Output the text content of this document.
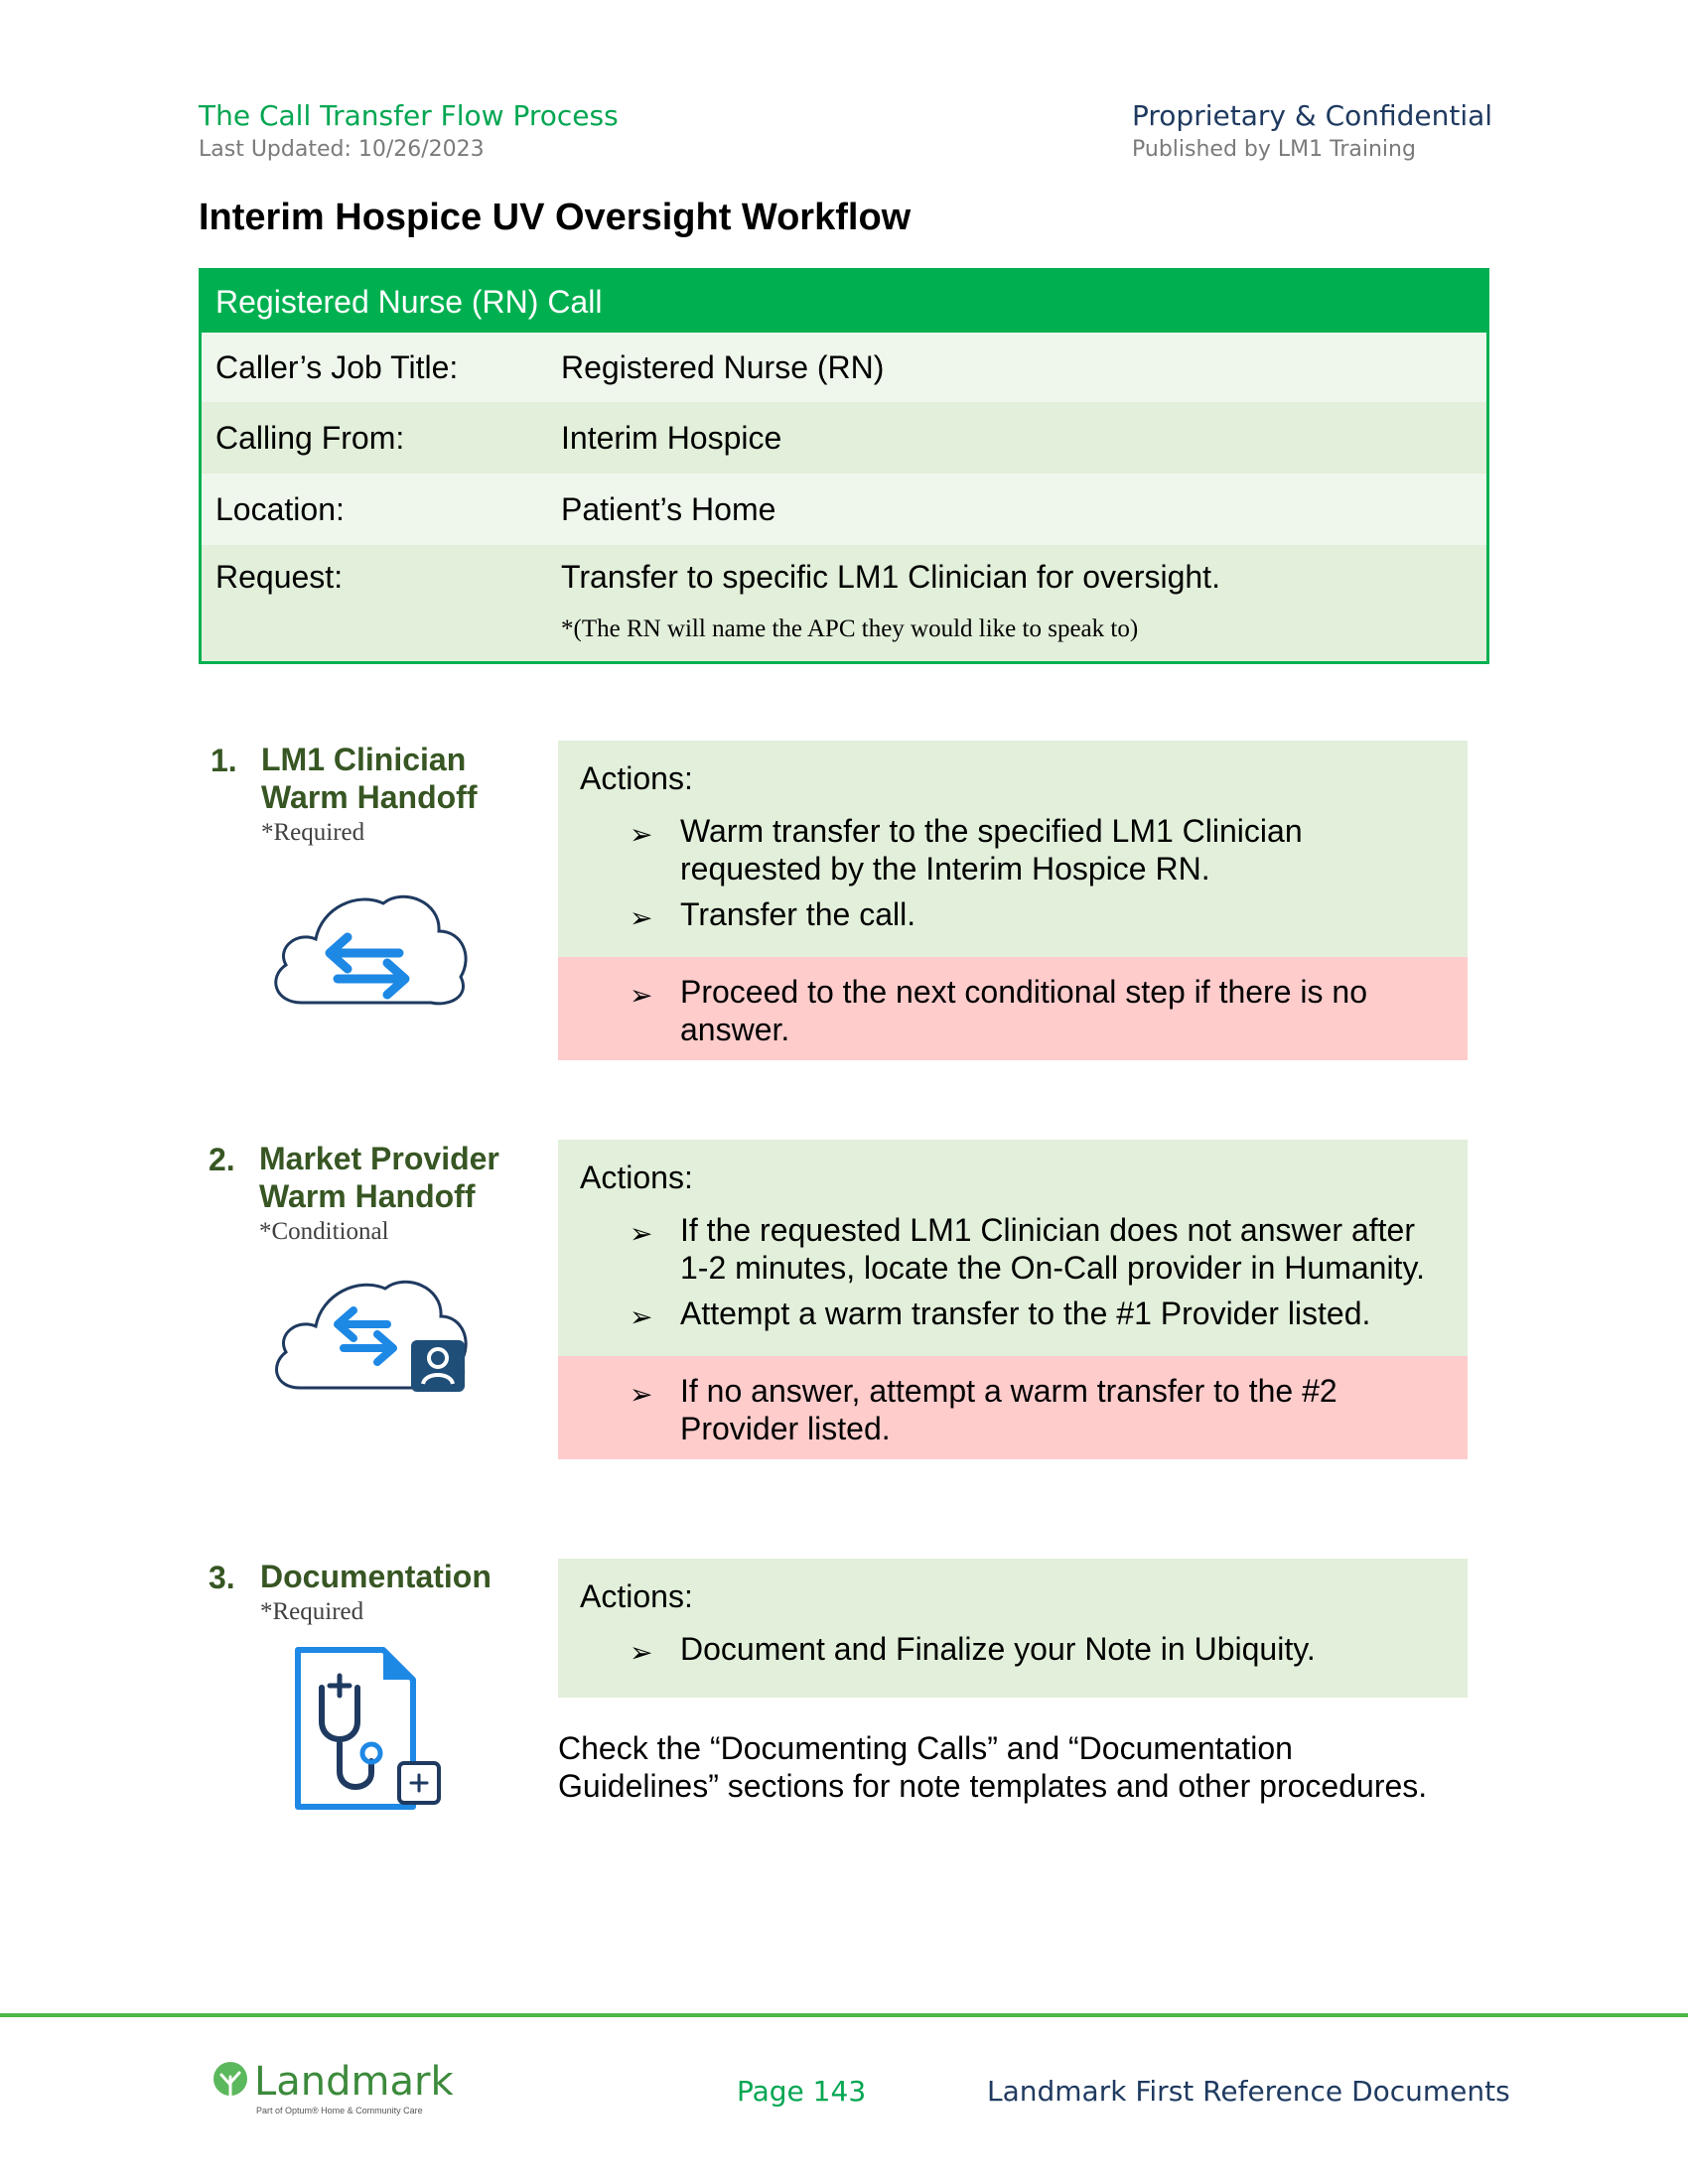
The Call Transfer Flow Process
Last Updated: 10/26/2023
Proprietary & Confidential
Published by LM1 Training
Interim Hospice UV Oversight Workflow
Registered Nurse (RN) Call
Caller’s Job Title:	Registered Nurse (RN)
Calling From:	Interim Hospice
Location:	Patient’s Home
Request:	Transfer to specific LM1 Clinician for oversight.
*(The RN will name the APC they would like to speak to)
1. LM1 Clinician
Warm Handoff
*Required
Actions:
➢ Warm transfer to the specified LM1 Clinician
requested by the Interim Hospice RN.
➢ Transfer the call.
➢ Proceed to the next conditional step if there is no
answer.
2. Market Provider
Warm Handoff
*Conditional
Actions:
➢ If the requested LM1 Clinician does not answer after
1-2 minutes, locate the On-Call provider in Humanity.
➢ Attempt a warm transfer to the #1 Provider listed.
➢ If no answer, attempt a warm transfer to the #2
Provider listed.
3. Documentation
*Required	Actions:
➢ Document and Finalize your Note in Ubiquity.
Check the “Documenting Calls” and “Documentation
Guidelines” sections for note templates and other procedures.
Landmark
Part of Optum® Home & Community Care
Page 143	Landmark First Reference Documents
